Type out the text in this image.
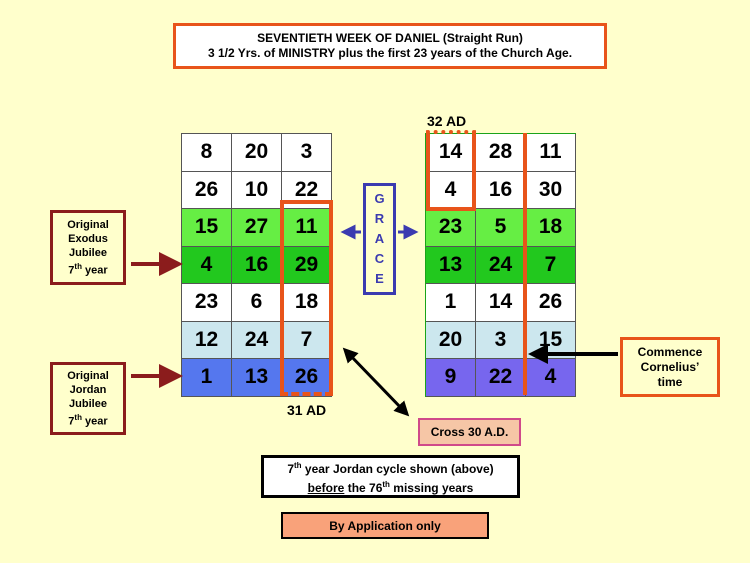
SEVENTIETH WEEK OF DANIEL (Straight Run)
3 1/2 Yrs. of MINISTRY plus the first 23 years of the Church Age.
Original
Exodus
Jubilee
7th year
Original
Jordan
Jubilee
7th year
8	20	3
26	10	22
15	27	11
4	16	29
23	6	18
12	24	7
1	13	26
14	28	11
4	16	30
23	5	18
13	24	7
1	14	26
20	3	15
9	22	4
31 AD
32 AD
G
R
A
C
E
Cross 30 A.D.
Commence
Cornelius’
time
7th year Jordan cycle shown (above)
before the 76th missing years
By Application only
